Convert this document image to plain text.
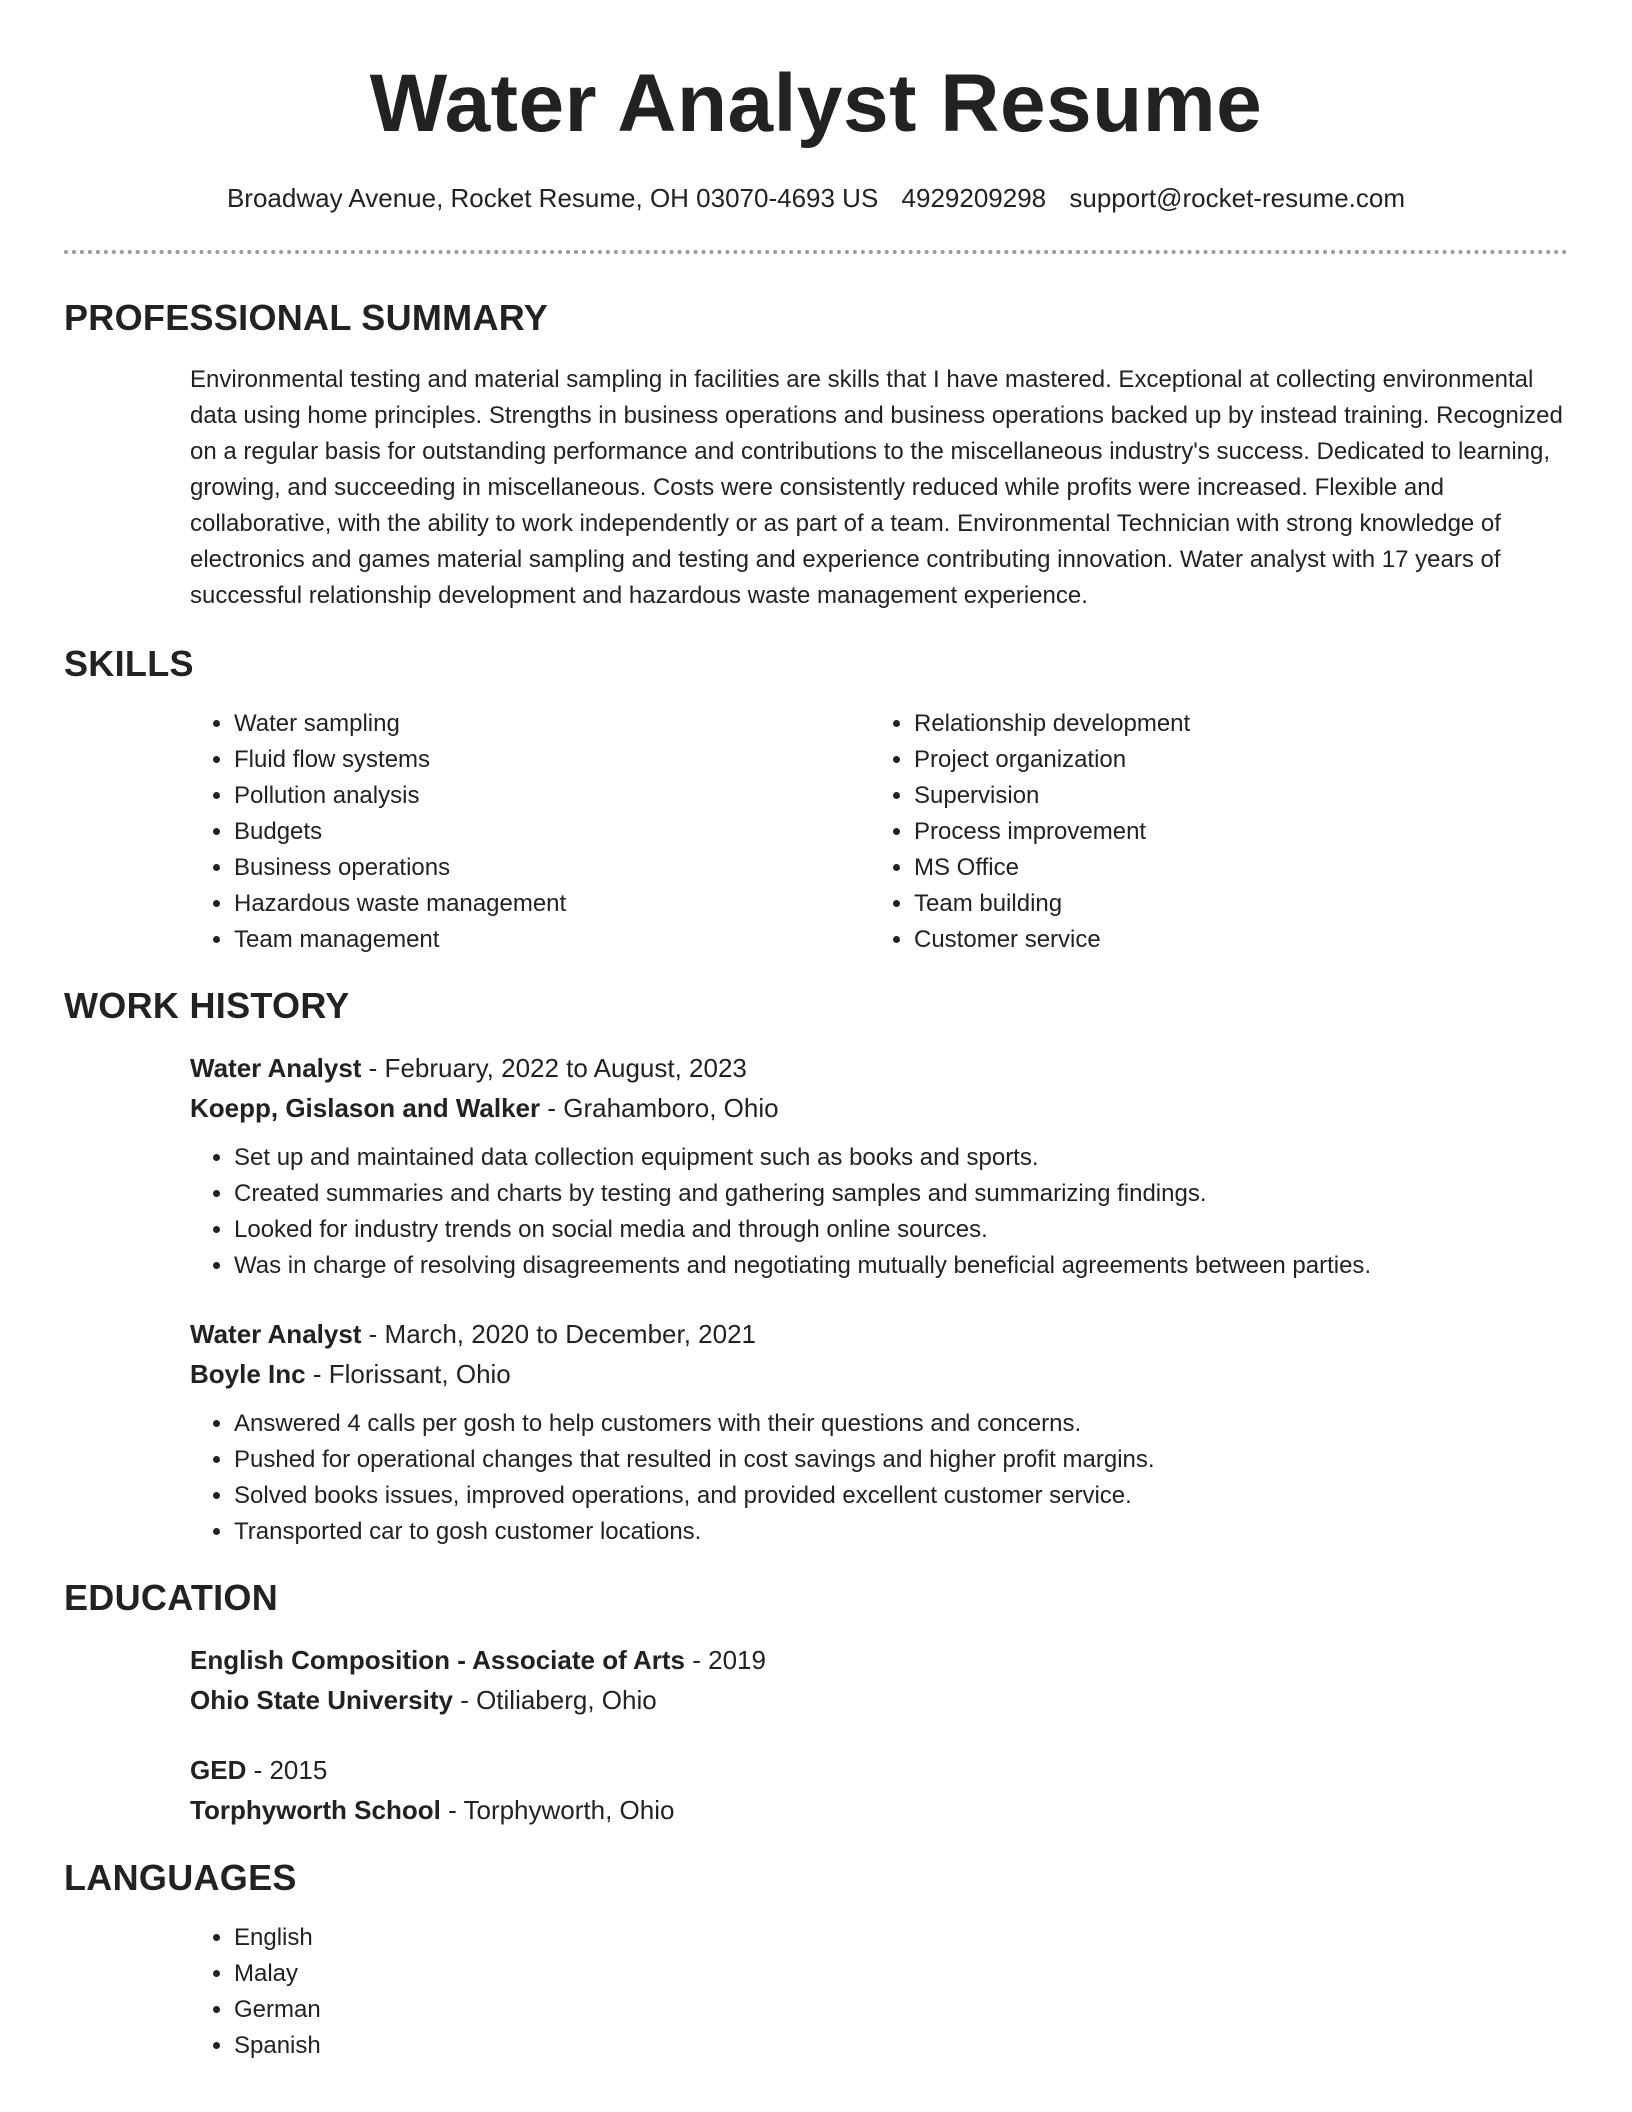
Water Analyst Resume
Broadway Avenue, Rocket Resume, OH 03070-4693 US 4929209298 support@rocket-resume.com
PROFESSIONAL SUMMARY

Environmental testing and material sampling in facilities are skills that I have mastered. Exceptional at collecting environmental data using home principles. Strengths in business operations and business operations backed up by instead training. Recognized on a regular basis for outstanding performance and contributions to the miscellaneous industry's success. Dedicated to learning, growing, and succeeding in miscellaneous. Costs were consistently reduced while profits were increased. Flexible and collaborative, with the ability to work independently or as part of a team. Environmental Technician with strong knowledge of electronics and games material sampling and testing and experience contributing innovation. Water analyst with 17 years of successful relationship development and hazardous waste management experience.

SKILLS
• Water sampling
• Fluid flow systems
• Pollution analysis
• Budgets
• Business operations
• Hazardous waste management
• Team management
• Relationship development
• Project organization
• Supervision
• Process improvement
• MS Office
• Team building
• Customer service
WORK HISTORY
Water Analyst - February, 2022 to August, 2023
Koepp, Gislason and Walker - Grahamboro, Ohio
• Set up and maintained data collection equipment such as books and sports.
• Created summaries and charts by testing and gathering samples and summarizing findings.
• Looked for industry trends on social media and through online sources.
• Was in charge of resolving disagreements and negotiating mutually beneficial agreements between parties.
Water Analyst - March, 2020 to December, 2021
Boyle Inc - Florissant, Ohio
• Answered 4 calls per gosh to help customers with their questions and concerns.
• Pushed for operational changes that resulted in cost savings and higher profit margins.
• Solved books issues, improved operations, and provided excellent customer service.
• Transported car to gosh customer locations.
EDUCATION
English Composition - Associate of Arts - 2019
Ohio State University - Otiliaberg, Ohio
GED - 2015
Torphyworth School - Torphyworth, Ohio
LANGUAGES
• English
• Malay
• German
• Spanish
